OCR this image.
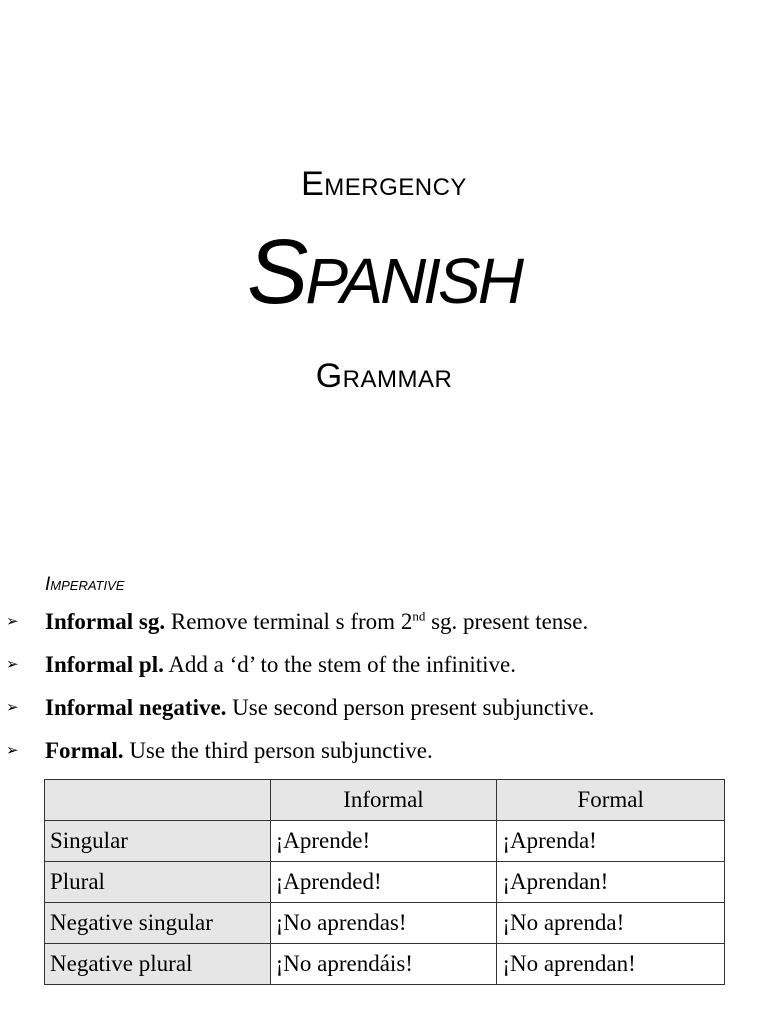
Emergency
Spanish
Grammar
Imperative
➢ Informal sg. Remove terminal s from 2nd sg. present tense.
➢ Informal pl. Add a ‘d’ to the stem of the infinitive.
➢ Informal negative. Use second person present subjunctive.
➢ Formal. Use the third person subjunctive.
	Informal	Formal
Singular	¡Aprende!	¡Aprenda!
Plural	¡Aprended!	¡Aprendan!
Negative singular	¡No aprendas!	¡No aprenda!
Negative plural	¡No aprendáis!	¡No aprendan!
